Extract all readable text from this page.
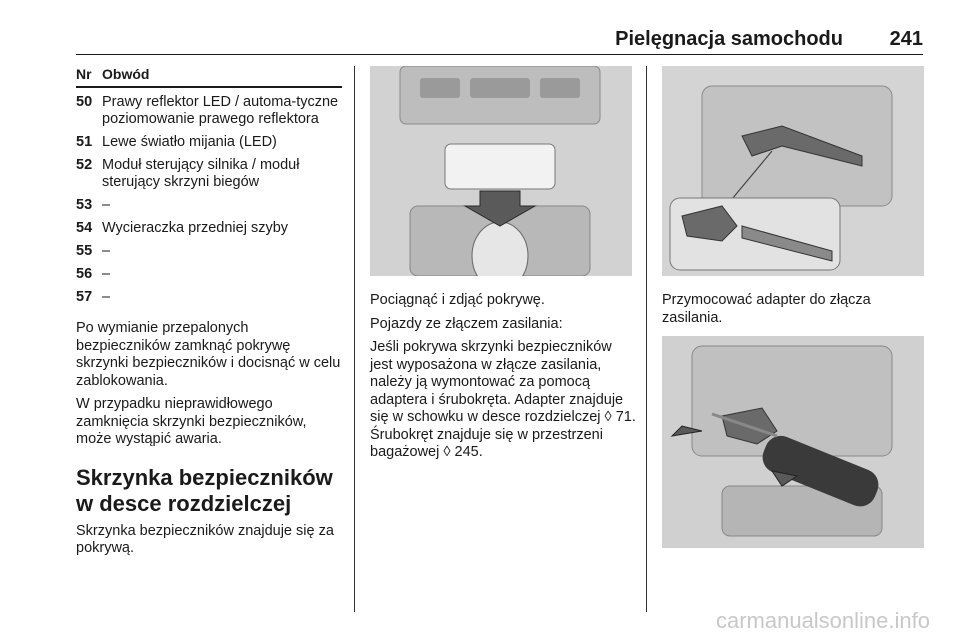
Pielęgnacja samochodu 241
Nr Obwód
50 Prawy reflektor LED / automa-tyczne poziomowanie prawego reflektora
51 Lewe światło mijania (LED)
52 Moduł sterujący silnika / moduł sterujący skrzyni biegów
53 –
54 Wycieraczka przedniej szyby
55 –
56 –
57 –

Po wymianie przepalonych bezpieczników zamknąć pokrywę skrzynki bezpieczników i docisnąć w celu zablokowania.

W przypadku nieprawidłowego zamknięcia skrzynki bezpieczników, może wystąpić awaria.

Skrzynka bezpieczników w desce rozdzielczej

Skrzynka bezpieczników znajduje się za pokrywą.

Pociągnąć i zdjąć pokrywę.

Pojazdy ze złączem zasilania:

Jeśli pokrywa skrzynki bezpieczników jest wyposażona w złącze zasilania, należy ją wymontować za pomocą adaptera i śrubokręta. Adapter znajduje się w schowku w desce rozdzielczej ◊ 71. Śrubokręt znajduje się w przestrzeni bagażowej ◊ 245.

Przymocować adapter do złącza zasilania.

carmanualsonline.info
